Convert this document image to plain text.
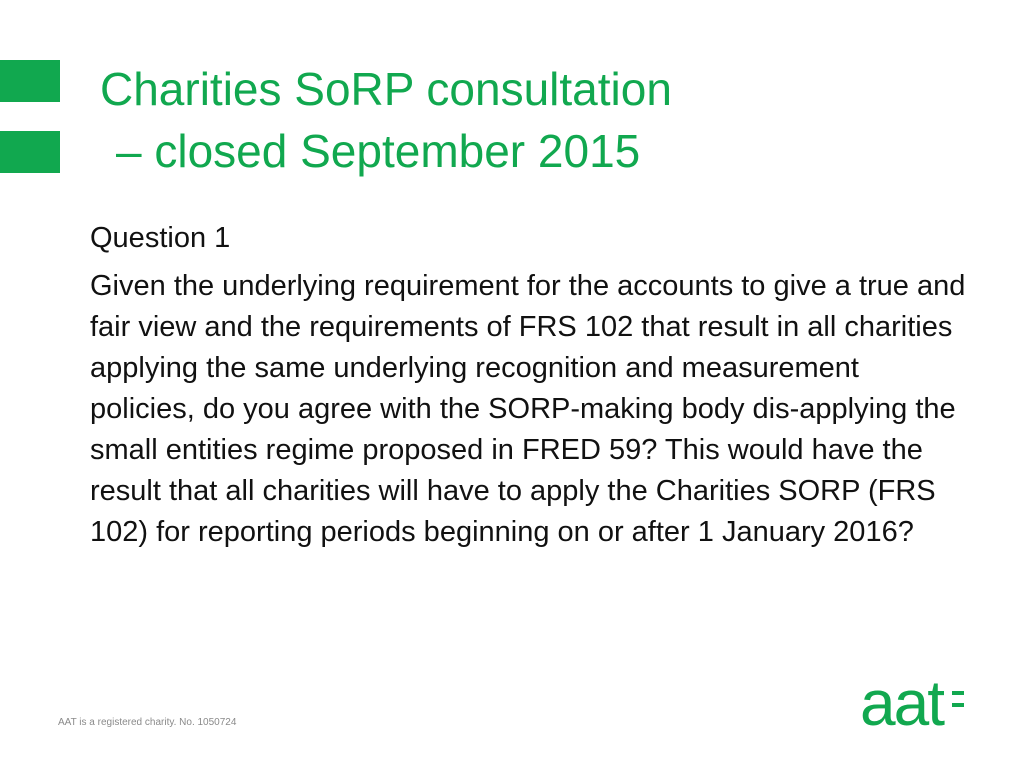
Charities SoRP consultation
– closed September 2015

Question 1

Given the underlying requirement for the accounts to give a true and fair view and the requirements of FRS 102 that result in all charities applying the same underlying recognition and measurement policies, do you agree with the SORP-making body dis-applying the small entities regime proposed in FRED 59? This would have the result that all charities will have to apply the Charities SORP (FRS 102) for reporting periods beginning on or after 1 January 2016?

AAT is a registered charity. No. 1050724	aat
